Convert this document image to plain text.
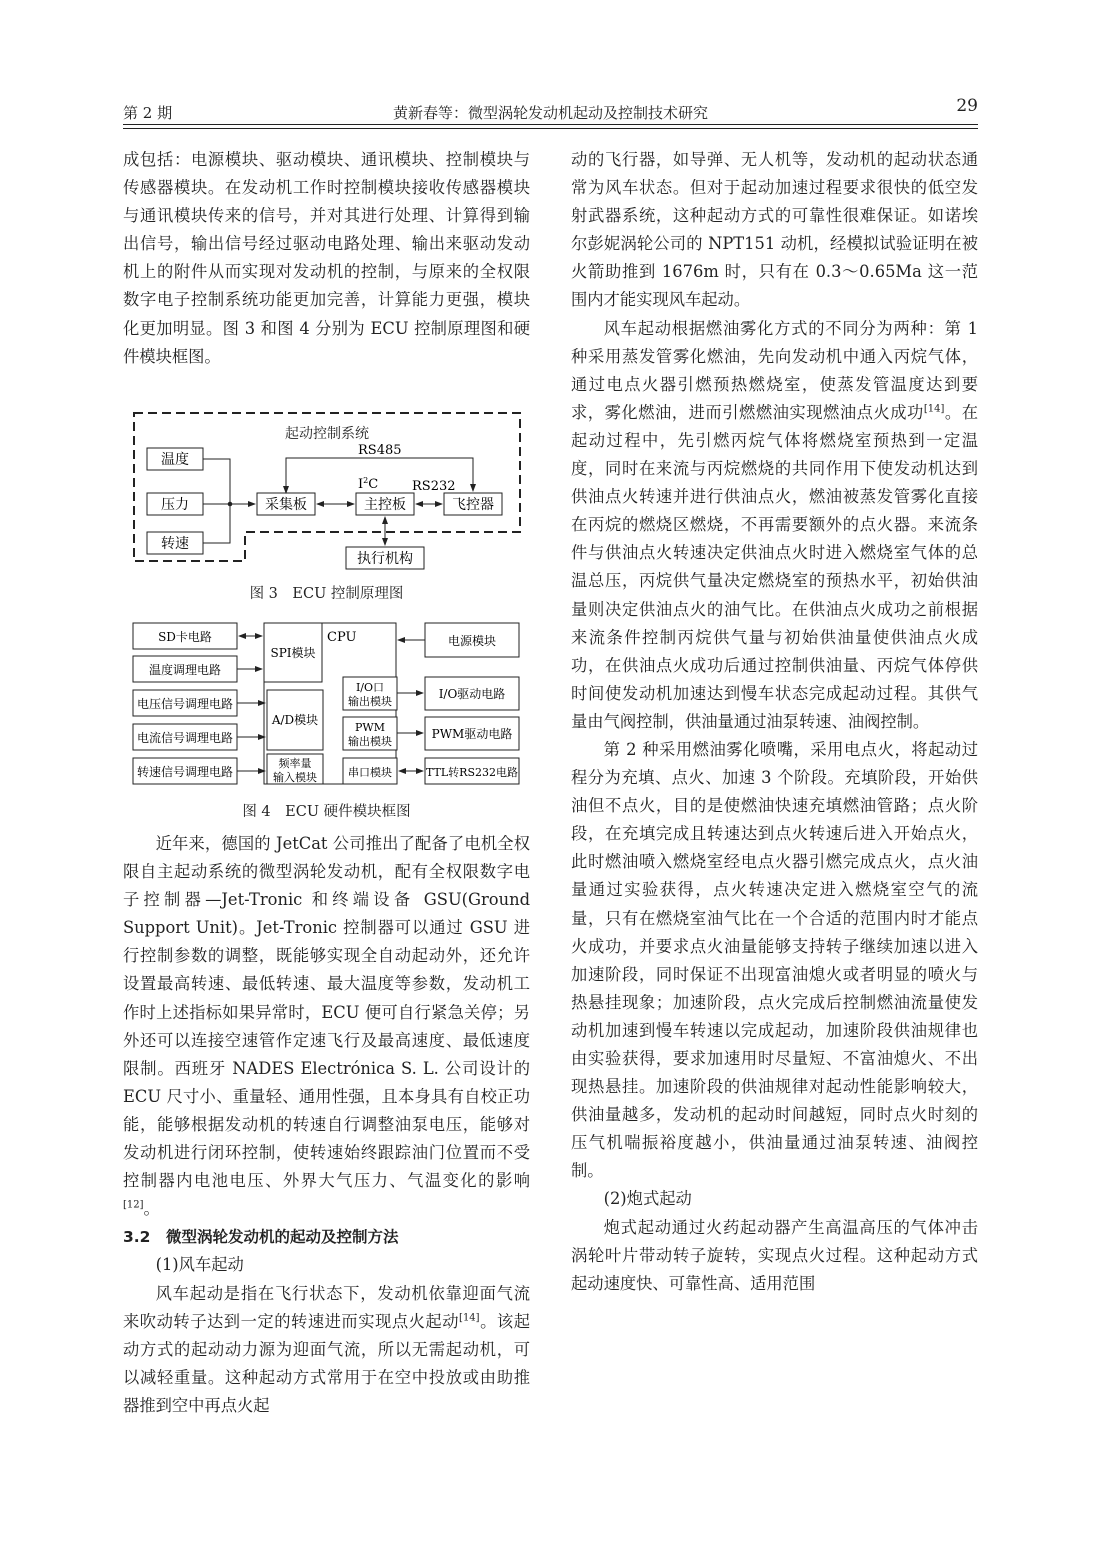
第 2 期	黄新春等：微型涡轮发动机起动及控制技术研究	29

成包括：电源模块、驱动模块、通讯模块、控制模块与传感器模块。在发动机工作时控制模块接收传感器模块与通讯模块传来的信号，并对其进行处理、计算得到输出信号，输出信号经过驱动电路处理、输出来驱动发动机上的附件从而实现对发动机的控制，与原来的全权限数字电子控制系统功能更加完善，计算能力更强，模块化更加明显。图 3 和图 4 分别为 ECU 控制原理图和硬件模块框图。

起动控制系统
温度
压力
转速
采集板	主控板	飞控器
执行机构
RS485
$I^2C$	RS232
图 3　ECU 控制原理图
SD卡电路
温度调理电路
电压信号调理电路
电流信号调理电路
转速信号调理电路
CPU
SPI模块
A/D模块
频率量
输入模块
I/O口
输出模块
PWM
输出模块
串口模块
电源模块
I/O驱动电路
PWM驱动电路
TTL转RS232电路
图 4　ECU 硬件模块框图

近年来，德国的 JetCat 公司推出了配备了电机全权限自主起动系统的微型涡轮发动机，配有全权限数字电子控制器—Jet-Tronic 和终端设备 GSU(Ground Support Unit)。Jet-Tronic 控制器可以通过 GSU 进行控制参数的调整，既能够实现全自动起动外，还允许设置最高转速、最低转速、最大温度等参数，发动机工作时上述指标如果异常时，ECU 便可自行紧急关停；另外还可以连接空速管作定速飞行及最高速度、最低速度限制。西班牙 NADES Electrónica S. L. 公司设计的 ECU 尺寸小、重量轻、通用性强，且本身具有自校正功能，能够根据发动机的转速自行调整油泵电压，能够对发动机进行闭环控制，使转速始终跟踪油门位置而不受控制器内电池电压、外界大气压力、气温变化的影响[12]。

3.2　微型涡轮发动机的起动及控制方法

(1)风车起动

风车起动是指在飞行状态下，发动机依靠迎面气流来吹动转子达到一定的转速进而实现点火起动[14]。该起动方式的起动动力源为迎面气流，所以无需起动机，可以减轻重量。这种起动方式常用于在空中投放或由助推器推到空中再点火起

动的飞行器，如导弹、无人机等，发动机的起动状态通常为风车状态。但对于起动加速过程要求很快的低空发射武器系统，这种起动方式的可靠性很难保证。如诺埃尔彭妮涡轮公司的 NPT151 动机，经模拟试验证明在被火箭助推到 1676m 时，只有在 0.3～0.65Ma 这一范围内才能实现风车起动。

风车起动根据燃油雾化方式的不同分为两种：第 1 种采用蒸发管雾化燃油，先向发动机中通入丙烷气体，通过电点火器引燃预热燃烧室，使蒸发管温度达到要求，雾化燃油，进而引燃燃油实现燃油点火成功[14]。在起动过程中，先引燃丙烷气体将燃烧室预热到一定温度，同时在来流与丙烷燃烧的共同作用下使发动机达到供油点火转速并进行供油点火，燃油被蒸发管雾化直接在丙烷的燃烧区燃烧，不再需要额外的点火器。来流条件与供油点火转速决定供油点火时进入燃烧室气体的总温总压，丙烷供气量决定燃烧室的预热水平，初始供油量则决定供油点火的油气比。在供油点火成功之前根据来流条件控制丙烷供气量与初始供油量使供油点火成功，在供油点火成功后通过控制供油量、丙烷气体停供时间使发动机加速达到慢车状态完成起动过程。其供气量由气阀控制，供油量通过油泵转速、油阀控制。

第 2 种采用燃油雾化喷嘴，采用电点火，将起动过程分为充填、点火、加速 3 个阶段。充填阶段，开始供油但不点火，目的是使燃油快速充填燃油管路；点火阶段，在充填完成且转速达到点火转速后进入开始点火，此时燃油喷入燃烧室经电点火器引燃完成点火，点火油量通过实验获得，点火转速决定进入燃烧室空气的流量，只有在燃烧室油气比在一个合适的范围内时才能点火成功，并要求点火油量能够支持转子继续加速以进入加速阶段，同时保证不出现富油熄火或者明显的喷火与热悬挂现象；加速阶段，点火完成后控制燃油流量使发动机加速到慢车转速以完成起动，加速阶段供油规律也由实验获得，要求加速用时尽量短、不富油熄火、不出现热悬挂。加速阶段的供油规律对起动性能影响较大，供油量越多，发动机的起动时间越短，同时点火时刻的压气机喘振裕度越小，供油量通过油泵转速、油阀控制。

(2)炮式起动

炮式起动通过火药起动器产生高温高压的气体冲击涡轮叶片带动转子旋转，实现点火过程。这种起动方式起动速度快、可靠性高、适用范围
